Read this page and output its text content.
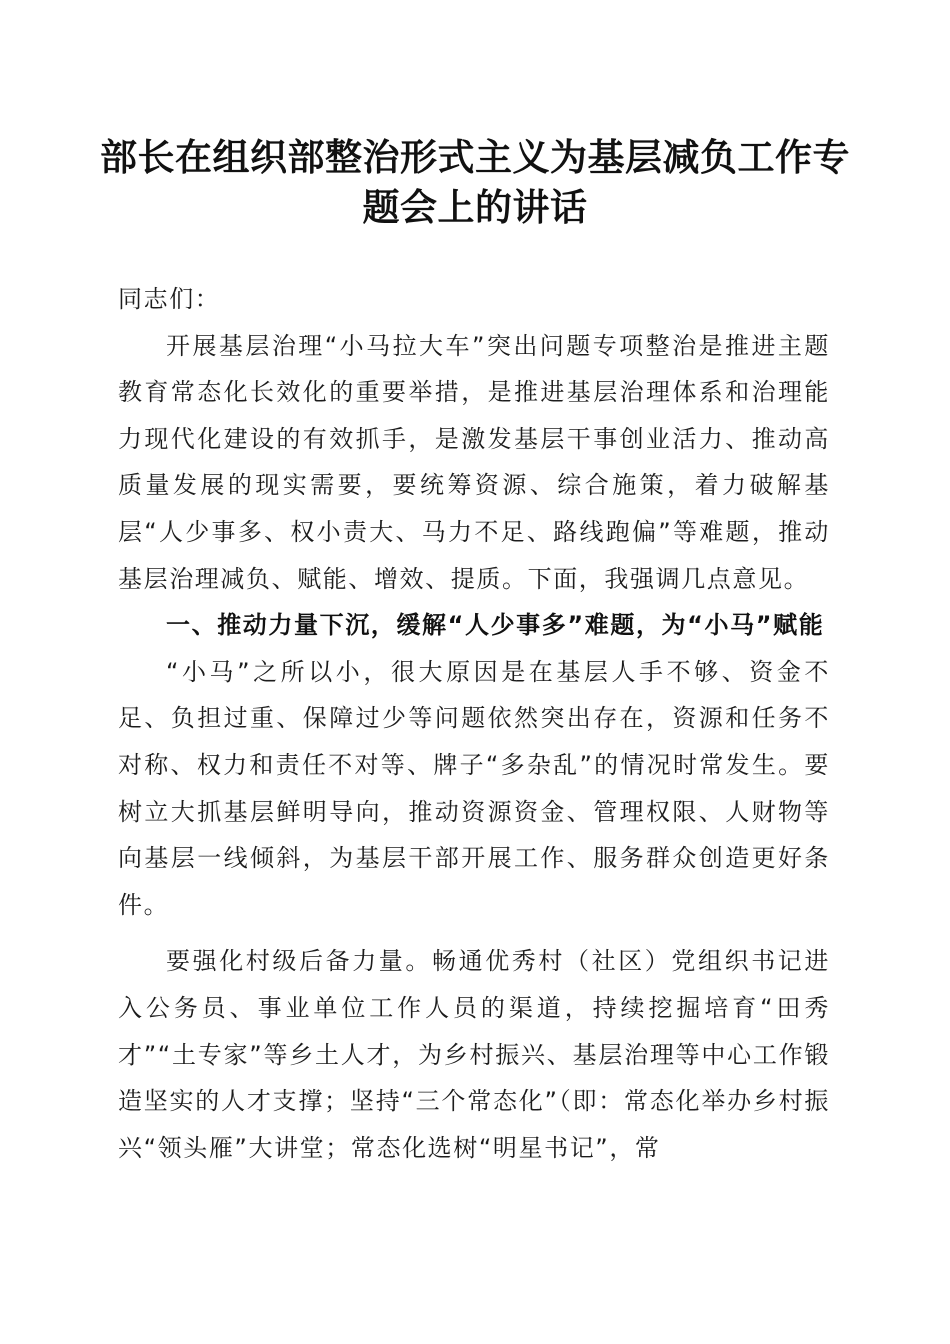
部长在组织部整治形式主义为基层减负工作专题会上的讲话

同志们：

开展基层治理“小马拉大车”突出问题专项整治是推进主题教育常态化长效化的重要举措，是推进基层治理体系和治理能力现代化建设的有效抓手，是激发基层干事创业活力、推动高质量发展的现实需要，要统筹资源、综合施策，着力破解基层“人少事多、权小责大、马力不足、路线跑偏”等难题，推动基层治理减负、赋能、增效、提质。下面，我强调几点意见。

一、推动力量下沉，缓解“人少事多”难题，为“小马”赋能

“小马”之所以小，很大原因是在基层人手不够、资金不足、负担过重、保障过少等问题依然突出存在，资源和任务不对称、权力和责任不对等、牌子“多杂乱”的情况时常发生。要树立大抓基层鲜明导向，推动资源资金、管理权限、人财物等向基层一线倾斜，为基层干部开展工作、服务群众创造更好条件。

要强化村级后备力量。畅通优秀村（社区）党组织书记进入公务员、事业单位工作人员的渠道，持续挖掘培育“田秀才”“土专家”等乡土人才，为乡村振兴、基层治理等中心工作锻造坚实的人才支撑；坚持“三个常态化”（即：常态化举办乡村振兴“领头雁”大讲堂；常态化选树“明星书记”，常
